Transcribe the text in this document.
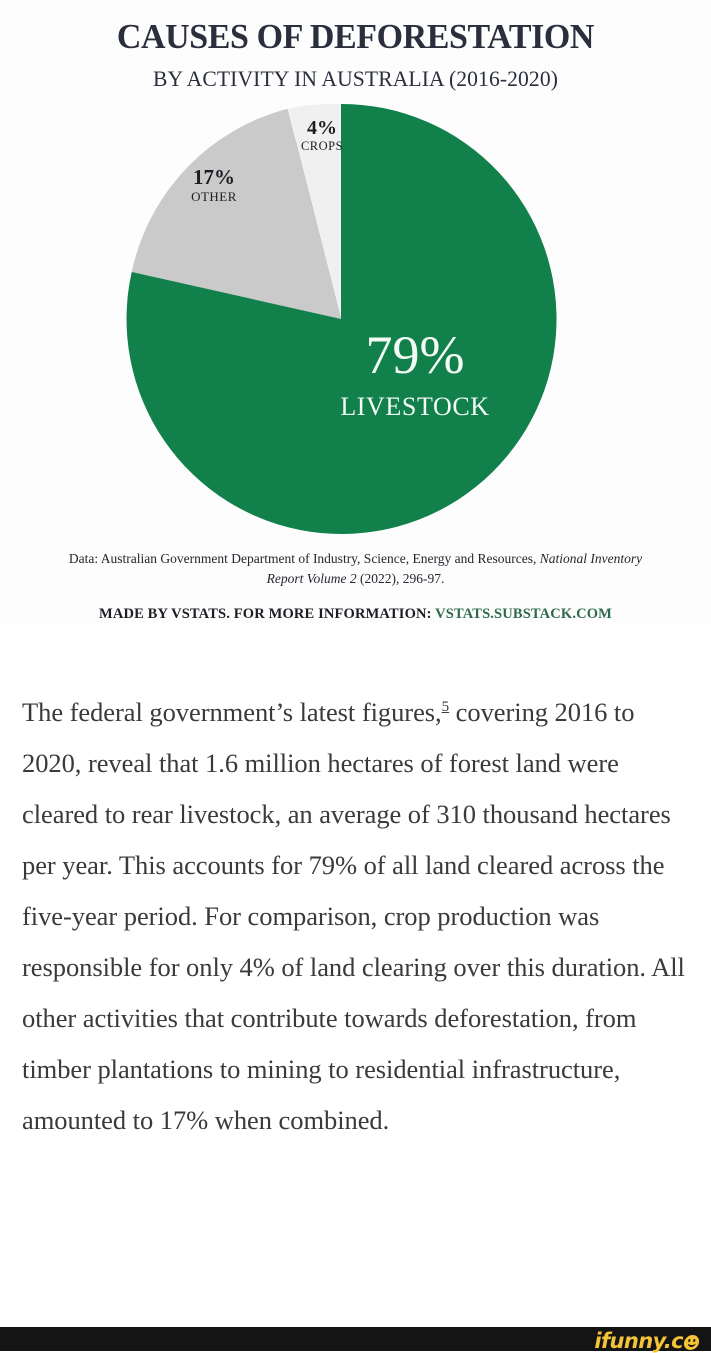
CAUSES OF DEFORESTATION
BY ACTIVITY IN AUSTRALIA (2016-2020)
4%
CROPS
17%
OTHER
79%
LIVESTOCK
Data: Australian Government Department of Industry, Science, Energy and Resources, National Inventory Report Volume 2 (2022), 296-97.
MADE BY VSTATS. FOR MORE INFORMATION: VSTATS.SUBSTACK.COM

The federal government’s latest figures,$^5$ covering 2016 to 2020, reveal that 1.6 million hectares of forest land were cleared to rear livestock, an average of 310 thousand hectares per year. This accounts for 79% of all land cleared across the five-year period. For comparison, crop production was responsible for only 4% of land clearing over this duration. All other activities that contribute towards deforestation, from timber plantations to mining to residential infrastructure, amounted to 17% when combined.

ifunny.c
